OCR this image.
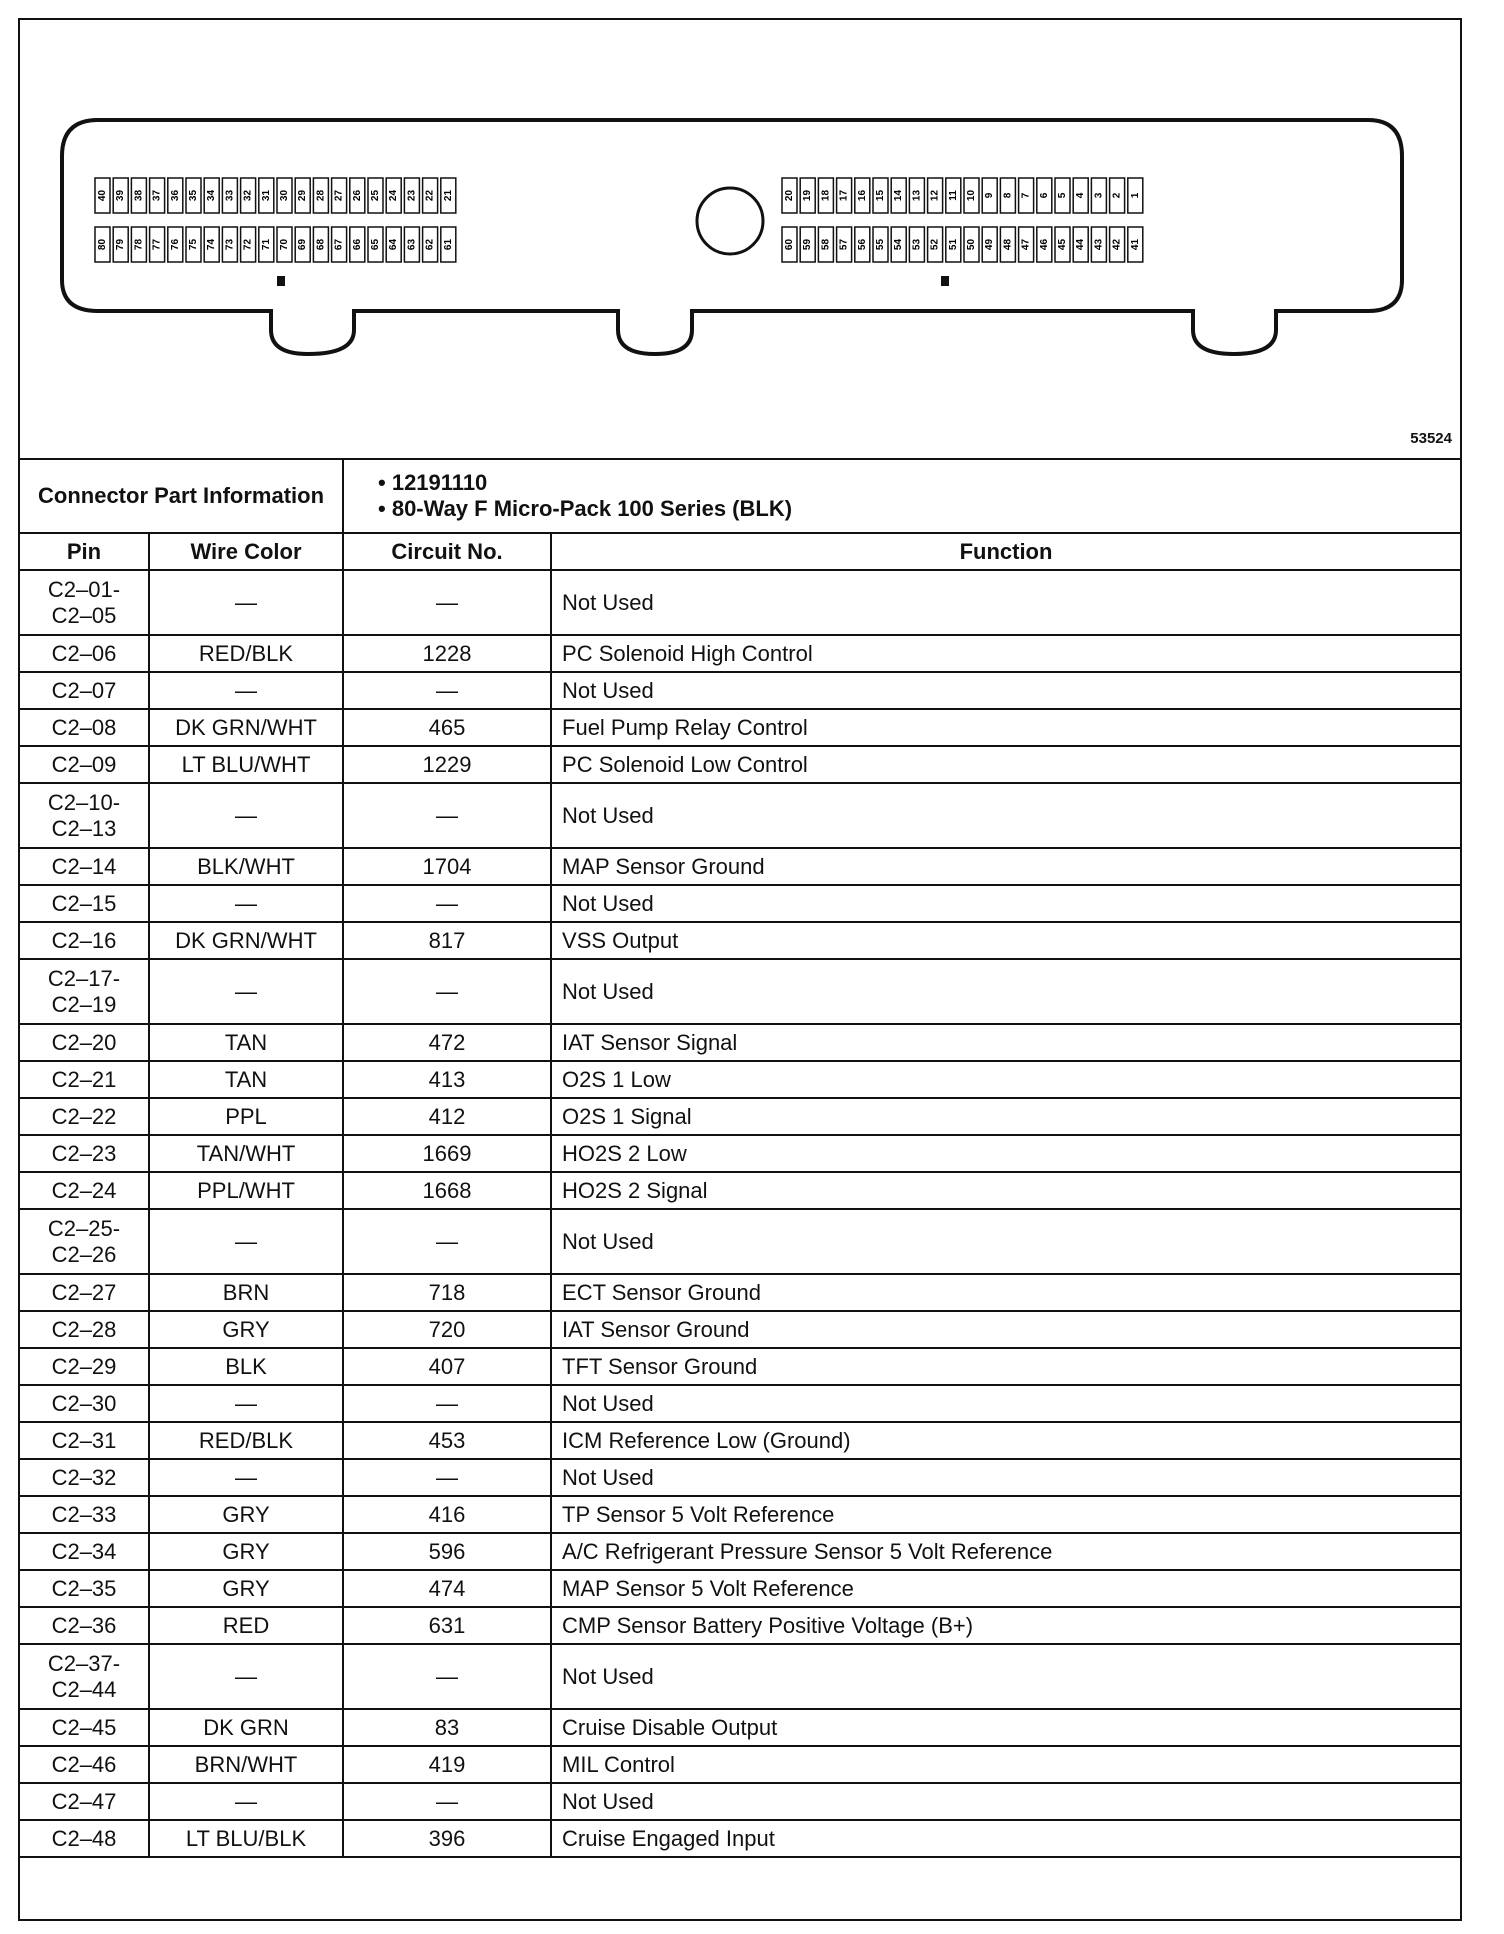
40 39 38 37 36 35 34 33 32 31 30 29 28 27 26 25 24 23 22 21
80 79 78 77 76 75 74 73 72 71 70 69 68 67 66 65 64 63 62 61
20 19 18 17 16 15 14 13 12 11 10 9 8 7 6 5 4 3 2 1
60 59 58 57 56 55 54 53 52 51 50 49 48 47 46 45 44 43 42 41
53524
Connector Part Information		• 12191110
• 80-Way F Micro-Pack 100 Series (BLK)	

Pin	Wire Color	Circuit No.	Function
C2–01-
C2–05	—	—	Not Used
C2–06	RED/BLK	1228	PC Solenoid High Control
C2–07	—	—	Not Used
C2–08	DK GRN/WHT	465	Fuel Pump Relay Control
C2–09	LT BLU/WHT	1229	PC Solenoid Low Control
C2–10-
C2–13	—	—	Not Used
C2–14	BLK/WHT	1704	MAP Sensor Ground
C2–15	—	—	Not Used
C2–16	DK GRN/WHT	817	VSS Output
C2–17-
C2–19	—	—	Not Used
C2–20	TAN	472	IAT Sensor Signal
C2–21	TAN	413	O2S 1 Low
C2–22	PPL	412	O2S 1 Signal
C2–23	TAN/WHT	1669	HO2S 2 Low
C2–24	PPL/WHT	1668	HO2S 2 Signal
C2–25-
C2–26	—	—	Not Used
C2–27	BRN	718	ECT Sensor Ground
C2–28	GRY	720	IAT Sensor Ground
C2–29	BLK	407	TFT Sensor Ground
C2–30	—	—	Not Used
C2–31	RED/BLK	453	ICM Reference Low (Ground)
C2–32	—	—	Not Used
C2–33	GRY	416	TP Sensor 5 Volt Reference
C2–34	GRY	596	A/C Refrigerant Pressure Sensor 5 Volt Reference
C2–35	GRY	474	MAP Sensor 5 Volt Reference
C2–36	RED	631	CMP Sensor Battery Positive Voltage (B+)
C2–37-
C2–44	—	—	Not Used
C2–45	DK GRN	83	Cruise Disable Output
C2–46	BRN/WHT	419	MIL Control
C2–47	—	—	Not Used
C2–48	LT BLU/BLK	396	Cruise Engaged Input
